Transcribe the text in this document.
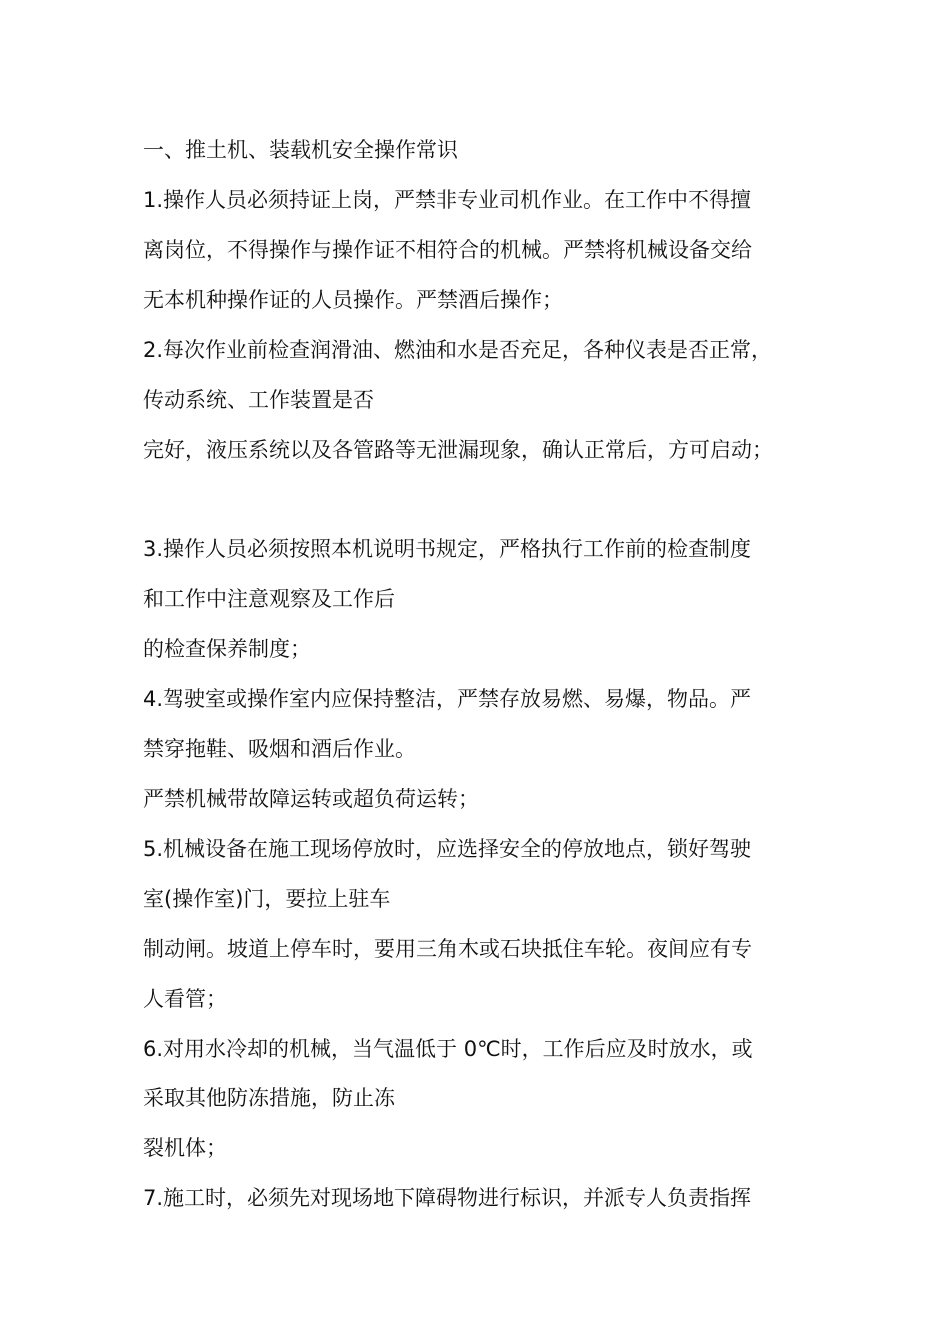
一、推土机、装载机安全操作常识
1.操作人员必须持证上岗，严禁非专业司机作业。在工作中不得擅
离岗位，不得操作与操作证不相符合的机械。严禁将机械设备交给
无本机种操作证的人员操作。严禁酒后操作；
2.每次作业前检查润滑油、燃油和水是否充足，各种仪表是否正常，
传动系统、工作装置是否
完好，液压系统以及各管路等无泄漏现象，确认正常后，方可启动；
3.操作人员必须按照本机说明书规定，严格执行工作前的检查制度
和工作中注意观察及工作后
的检查保养制度；
4.驾驶室或操作室内应保持整洁，严禁存放易燃、易爆，物品。严
禁穿拖鞋、吸烟和酒后作业。
严禁机械带故障运转或超负荷运转；
5.机械设备在施工现场停放时，应选择安全的停放地点，锁好驾驶
室(操作室)门，要拉上驻车
制动闸。坡道上停车时，要用三角木或石块抵住车轮。夜间应有专
人看管；
6.对用水冷却的机械，当气温低于 0℃时，工作后应及时放水，或
采取其他防冻措施，防止冻
裂机体；
7.施工时，必须先对现场地下障碍物进行标识，并派专人负责指挥
